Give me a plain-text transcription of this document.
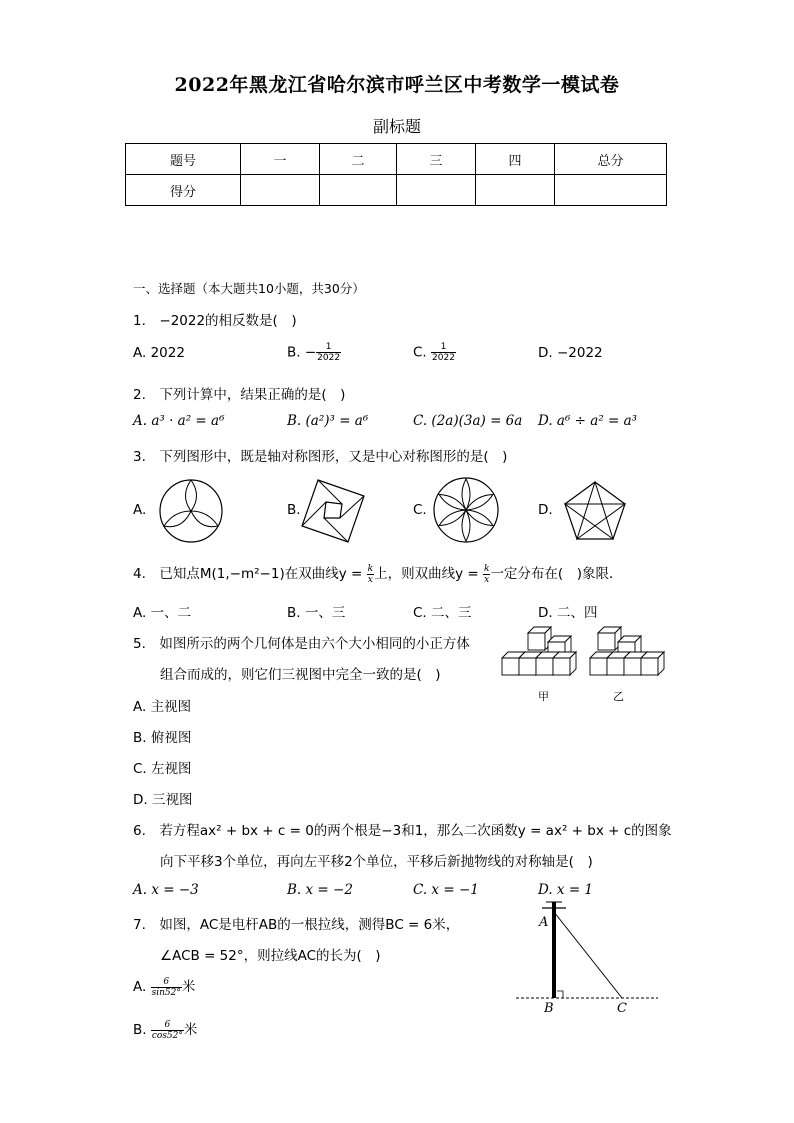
2022年黑龙江省哈尔滨市呼兰区中考数学一模试卷
副标题
题号	一	二	三	四	总分
得分					
一、选择题（本大题共10小题，共30分）
1.　−2022的相反数是(　)
A. 2022	B. − $\frac{1}{2022}$	C. $\frac{1}{2022}$	D. −2022
2.　下列计算中，结果正确的是(　)
A. a³ · a² = a⁶	B. (a²)³ = a⁶	C. (2a)(3a) = 6a D. a⁶ ÷ a² = a³
3.　下列图形中，既是轴对称图形，又是中心对称图形的是(　)
A.	B.	C.	D.
4.　已知点M(1,−m²−1)在双曲线$y = \frac{k}{x}$ 上，则双曲线$y = \frac{k}{x}$ 一定分布在(　)象限．
A. 一、二	B. 一、三	C. 二、三	D. 二、四
5.　如图所示的两个几何体是由六个大小相同的小正方体
组合而成的，则它们三视图中完全一致的是(　)
A. 主视图
B. 俯视图
C. 左视图
D. 三视图
甲	乙
6.　若方程ax² + bx + c = 0的两个根是−3和1，那么二次函数y = ax² + bx + c的图象
向下平移3个单位，再向左平移2个单位，平移后新抛物线的对称轴是(　)
A. x = −3	B. x = −2	C. x = −1	D. x = 1
7.　如图，AC是电杆AB的一根拉线，测得BC = 6米，
∠ACB = 52°，则拉线AC的长为(　)
A. $\frac{6}{\sin 52^\circ}$ 米
B. $\frac{6}{\cos 52^\circ}$ 米
A
B	C
